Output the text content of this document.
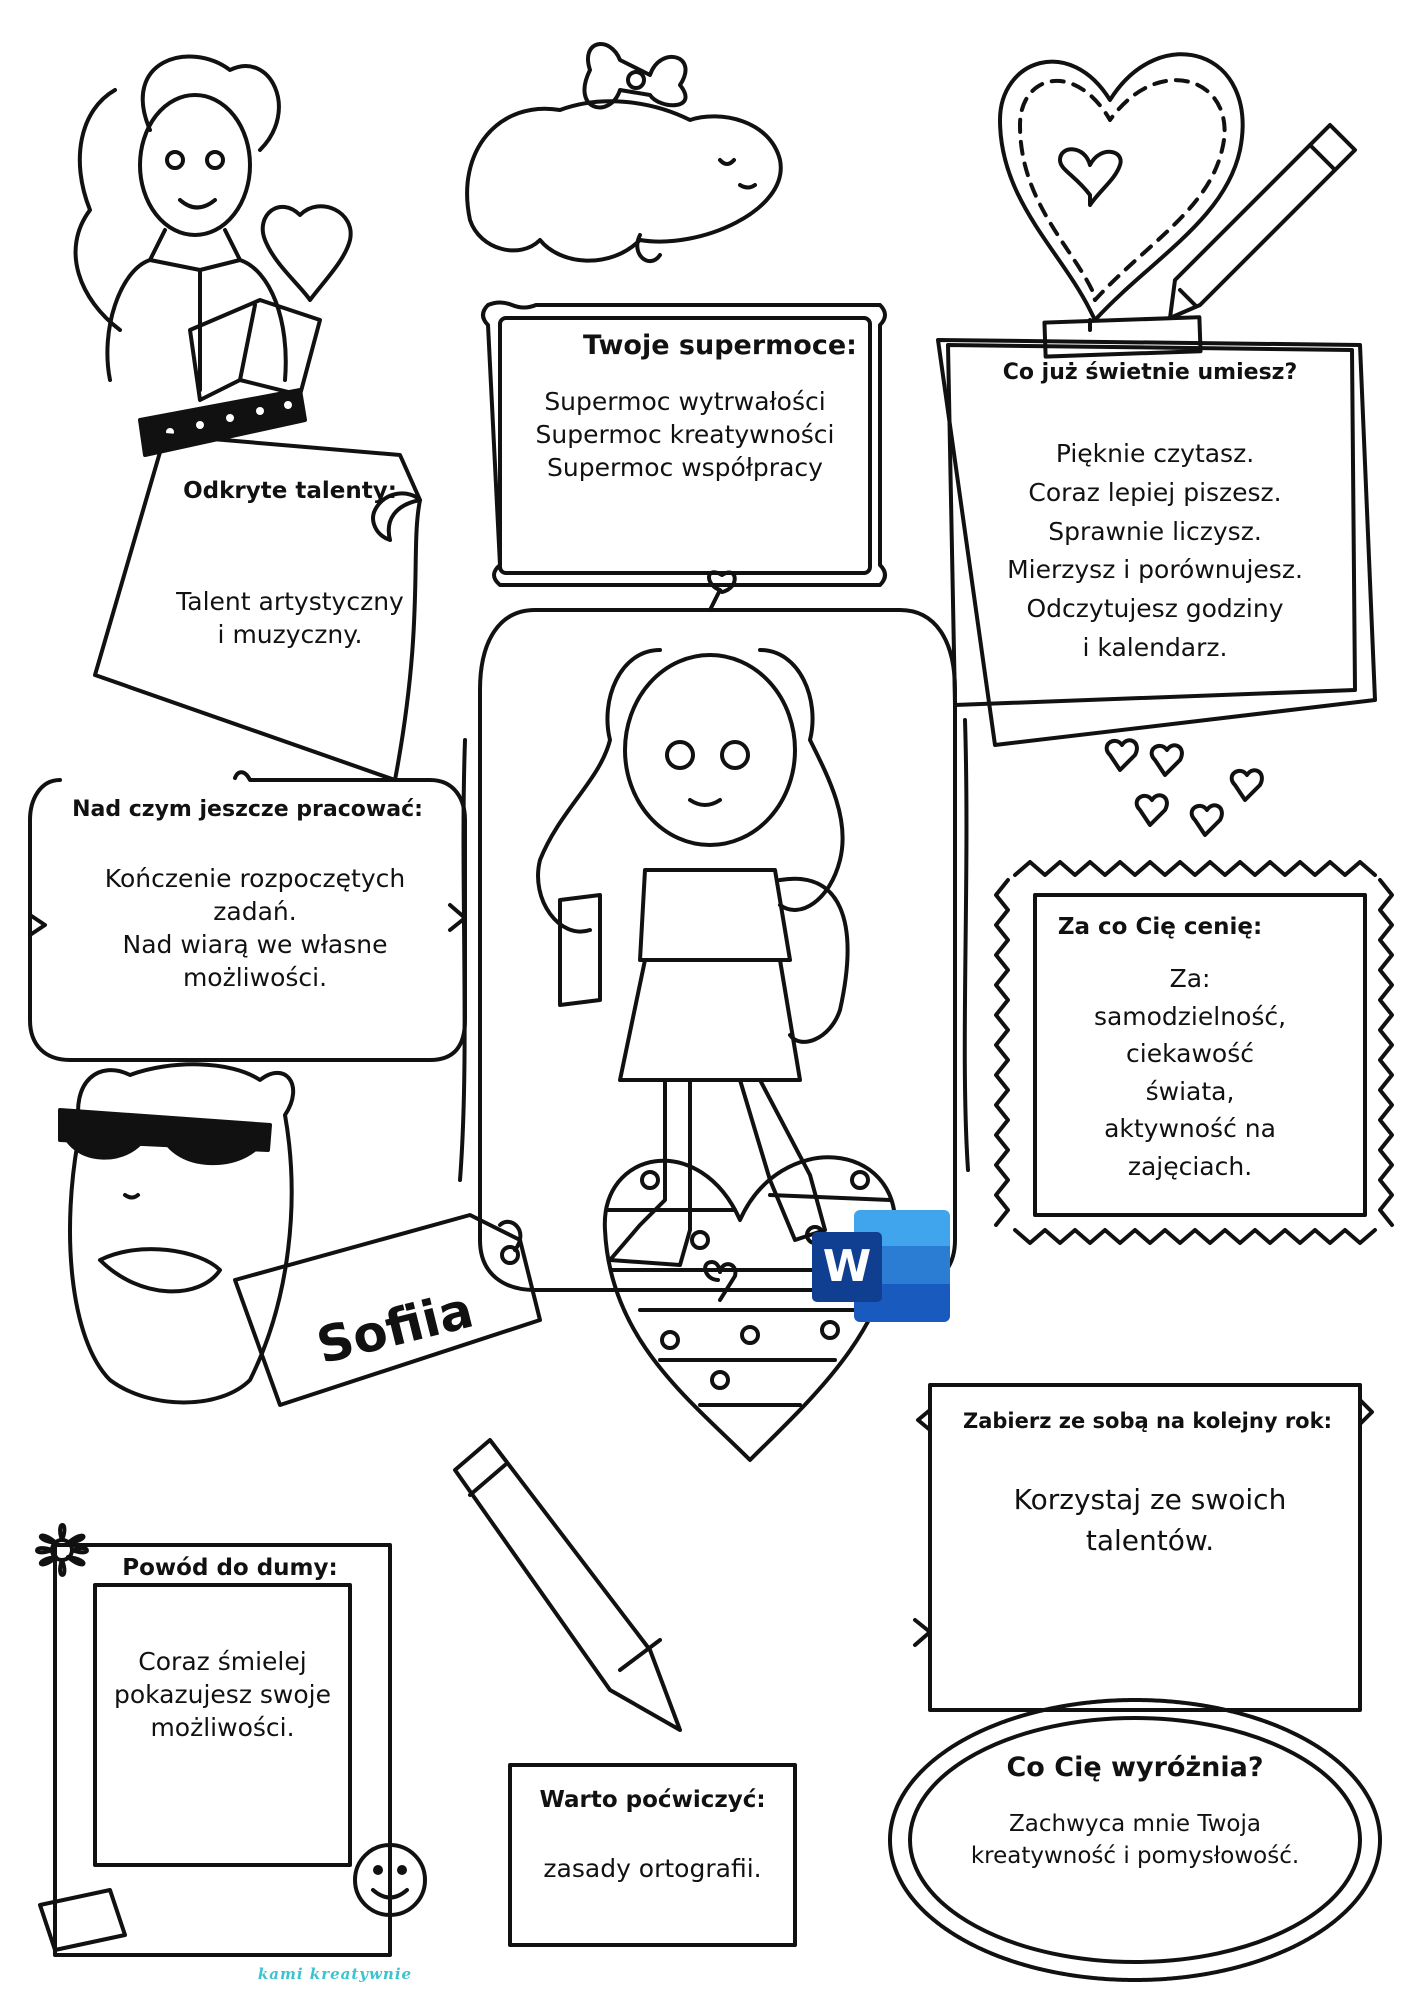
W
Twoje supermoce:
Supermoc wytrwałości
Supermoc kreatywności
Supermoc współpracy
Co już świetnie umiesz?
Pięknie czytasz.
Coraz lepiej piszesz.
Sprawnie liczysz.
Mierzysz i porównujesz.
Odczytujesz godziny
i kalendarz.
Odkryte talenty:
Talent artystyczny
i muzyczny.
Nad czym jeszcze pracować:
Kończenie rozpoczętych
zadań.
Nad wiarą we własne
możliwości.
Za co Cię cenię:
Za:
samodzielność,
ciekawość
świata,
aktywność na
zajęciach.
Sofiia
Zabierz ze sobą na kolejny rok:
Korzystaj ze swoich
talentów.
Powód do dumy:
Coraz śmielej
pokazujesz swoje
możliwości.
Co Cię wyróżnia?
Zachwyca mnie Twoja
kreatywność i pomysłowość.
Warto poćwiczyć:
zasady ortografii.
kami kreatywnie
